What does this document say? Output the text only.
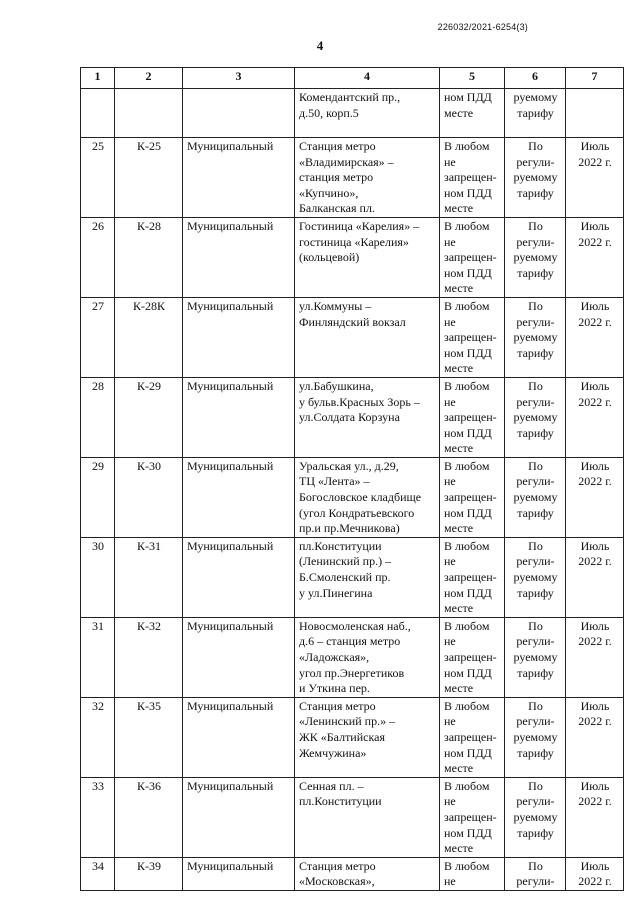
226032/2021-6254(3)
4
1	2	3	4	5	6	7
			Комендантский пр.,
д.50, корп.5	ном ПДД
месте	руемому
тарифу	
25	К-25	Муниципальный	Станция метро
«Владимирская» –
станция метро
«Купчино»,
Балканская пл.	В любом
не
запрещен-
ном ПДД
месте	По
регули-
руемому
тарифу	Июль
2022 г.
26	К-28	Муниципальный	Гостиница «Карелия» –
гостиница «Карелия»
(кольцевой)	В любом
не
запрещен-
ном ПДД
месте	По
регули-
руемому
тарифу	Июль
2022 г.
27	К-28К	Муниципальный	ул.Коммуны –
Финляндский вокзал	В любом
не
запрещен-
ном ПДД
месте	По
регули-
руемому
тарифу	Июль
2022 г.
28	К-29	Муниципальный	ул.Бабушкина,
у бульв.Красных Зорь –
ул.Солдата Корзуна	В любом
не
запрещен-
ном ПДД
месте	По
регули-
руемому
тарифу	Июль
2022 г.
29	К-30	Муниципальный	Уральская ул., д.29,
ТЦ «Лента» –
Богословское кладбище
(угол Кондратьевского
пр.и пр.Мечникова)	В любом
не
запрещен-
ном ПДД
месте	По
регули-
руемому
тарифу	Июль
2022 г.
30	К-31	Муниципальный	пл.Конституции
(Ленинский пр.) –
Б.Смоленский пр.
у ул.Пинегина	В любом
не
запрещен-
ном ПДД
месте	По
регули-
руемому
тарифу	Июль
2022 г.
31	К-32	Муниципальный	Новосмоленская наб.,
д.6 – станция метро
«Ладожская»,
угол пр.Энергетиков
и Уткина пер.	В любом
не
запрещен-
ном ПДД
месте	По
регули-
руемому
тарифу	Июль
2022 г.
32	К-35	Муниципальный	Станция метро
«Ленинский пр.» –
ЖК «Балтийская
Жемчужина»	В любом
не
запрещен-
ном ПДД
месте	По
регули-
руемому
тарифу	Июль
2022 г.
33	К-36	Муниципальный	Сенная пл. –
пл.Конституции	В любом
не
запрещен-
ном ПДД
месте	По
регули-
руемому
тарифу	Июль
2022 г.
34	К-39	Муниципальный	Станция метро
«Московская»,	В любом
не	По
регули-	Июль
2022 г.
